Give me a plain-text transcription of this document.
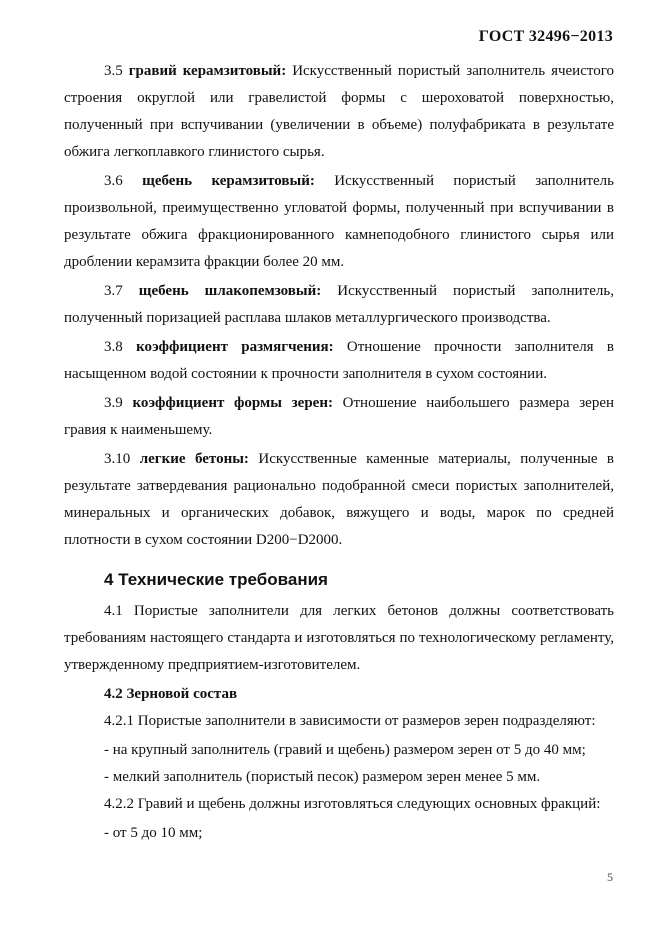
ГОСТ 32496−2013

3.5 гравий керамзитовый: Искусственный пористый заполнитель ячеистого строения округлой или гравелистой формы с шероховатой поверхностью, полученный при вспучивании (увеличении в объеме) полуфабриката в результате обжига легкоплавкого глинистого сырья.

3.6 щебень керамзитовый: Искусственный пористый заполнитель произвольной, преимущественно угловатой формы, полученный при вспучивании в результате обжига фракционированного камнеподобного глинистого сырья или дроблении керамзита фракции более 20 мм.

3.7 щебень шлакопемзовый: Искусственный пористый заполнитель, полученный поризацией расплава шлаков металлургического производства.

3.8 коэффициент размягчения: Отношение прочности заполнителя в насыщенном водой состоянии к прочности заполнителя в сухом состоянии.

3.9 коэффициент формы зерен: Отношение наибольшего размера зерен гравия к наименьшему.

3.10 легкие бетоны: Искусственные каменные материалы, полученные в результате затвердевания рационально подобранной смеси пористых заполнителей, минеральных и органических добавок, вяжущего и воды, марок по средней плотности в сухом состоянии D200−D2000.

4 Технические требования

4.1 Пористые заполнители для легких бетонов должны соответствовать требованиям настоящего стандарта и изготовляться по технологическому регламенту, утвержденному предприятием-изготовителем.

4.2 Зерновой состав

4.2.1 Пористые заполнители в зависимости от размеров зерен подразделяют:

- на крупный заполнитель (гравий и щебень) размером зерен от 5 до 40 мм;

- мелкий заполнитель (пористый песок) размером зерен менее 5 мм.

4.2.2 Гравий и щебень должны изготовляться следующих основных фракций:

- от 5 до 10 мм;

5
